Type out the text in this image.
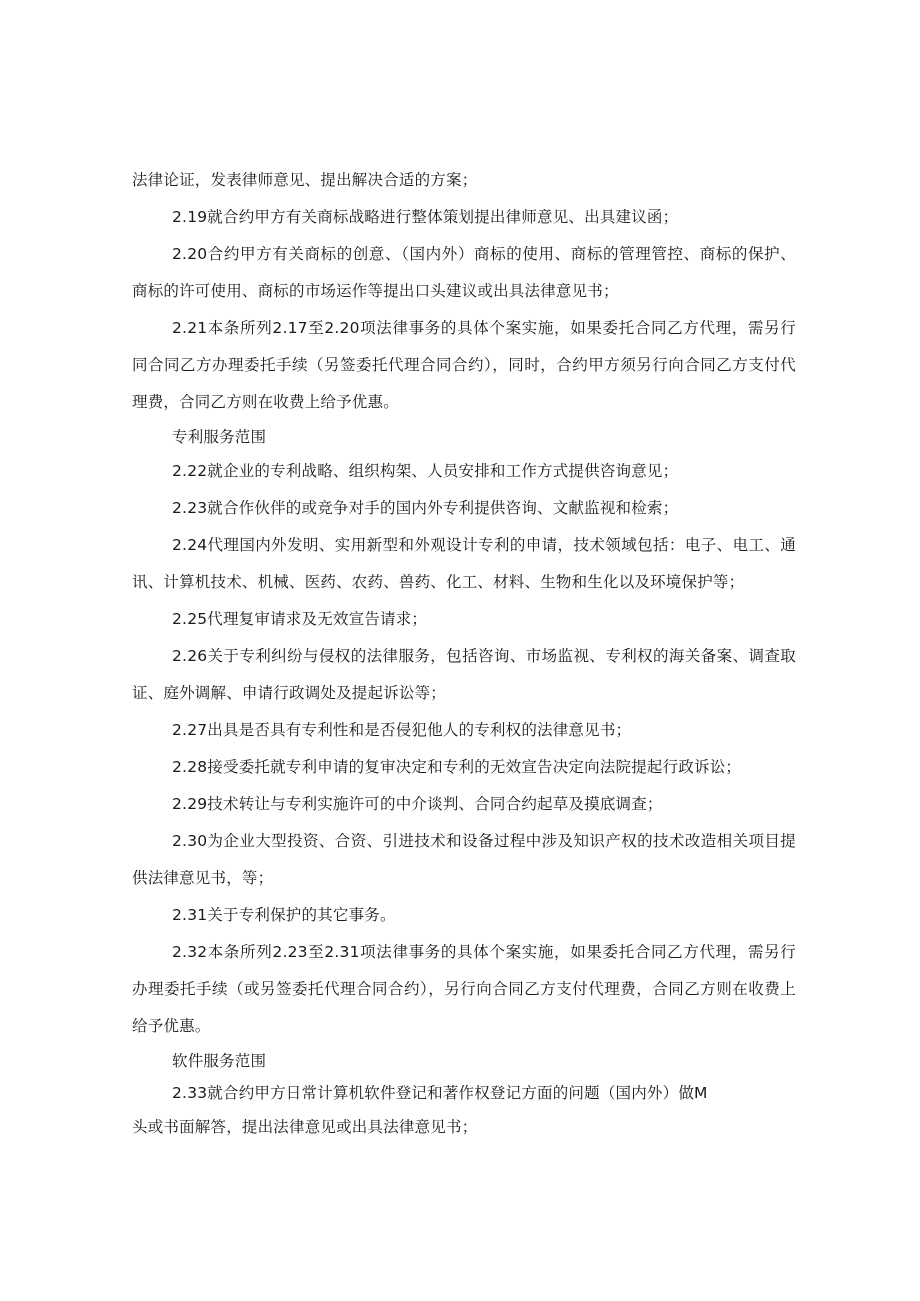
法律论证，发表律师意见、提出解决合适的方案；

2.19就合约甲方有关商标战略进行整体策划提出律师意见、出具建议函；

2.20合约甲方有关商标的创意、（国内外）商标的使用、商标的管理管控、商标的保护、商标的许可使用、商标的市场运作等提出口头建议或出具法律意见书；

2.21本条所列2.17至2.20项法律事务的具体个案实施，如果委托合同乙方代理，需另行同合同乙方办理委托手续（另签委托代理合同合约），同时，合约甲方须另行向合同乙方支付代理费，合同乙方则在收费上给予优惠。

专利服务范围

2.22就企业的专利战略、组织构架、人员安排和工作方式提供咨询意见；

2.23就合作伙伴的或竞争对手的国内外专利提供咨询、文献监视和检索；

2.24代理国内外发明、实用新型和外观设计专利的申请，技术领域包括：电子、电工、通讯、计算机技术、机械、医药、农药、兽药、化工、材料、生物和生化以及环境保护等；

2.25代理复审请求及无效宣告请求；

2.26关于专利纠纷与侵权的法律服务，包括咨询、市场监视、专利权的海关备案、调查取证、庭外调解、申请行政调处及提起诉讼等；

2.27出具是否具有专利性和是否侵犯他人的专利权的法律意见书；

2.28接受委托就专利申请的复审决定和专利的无效宣告决定向法院提起行政诉讼；

2.29技术转让与专利实施许可的中介谈判、合同合约起草及摸底调查；

2.30为企业大型投资、合资、引进技术和设备过程中涉及知识产权的技术改造相关项目提供法律意见书，等；

2.31关于专利保护的其它事务。

2.32本条所列2.23至2.31项法律事务的具体个案实施，如果委托合同乙方代理，需另行办理委托手续（或另签委托代理合同合约），另行向合同乙方支付代理费，合同乙方则在收费上给予优惠。

软件服务范围

2.33就合约甲方日常计算机软件登记和著作权登记方面的问题（国内外）做M

头或书面解答，提出法律意见或出具法律意见书；
